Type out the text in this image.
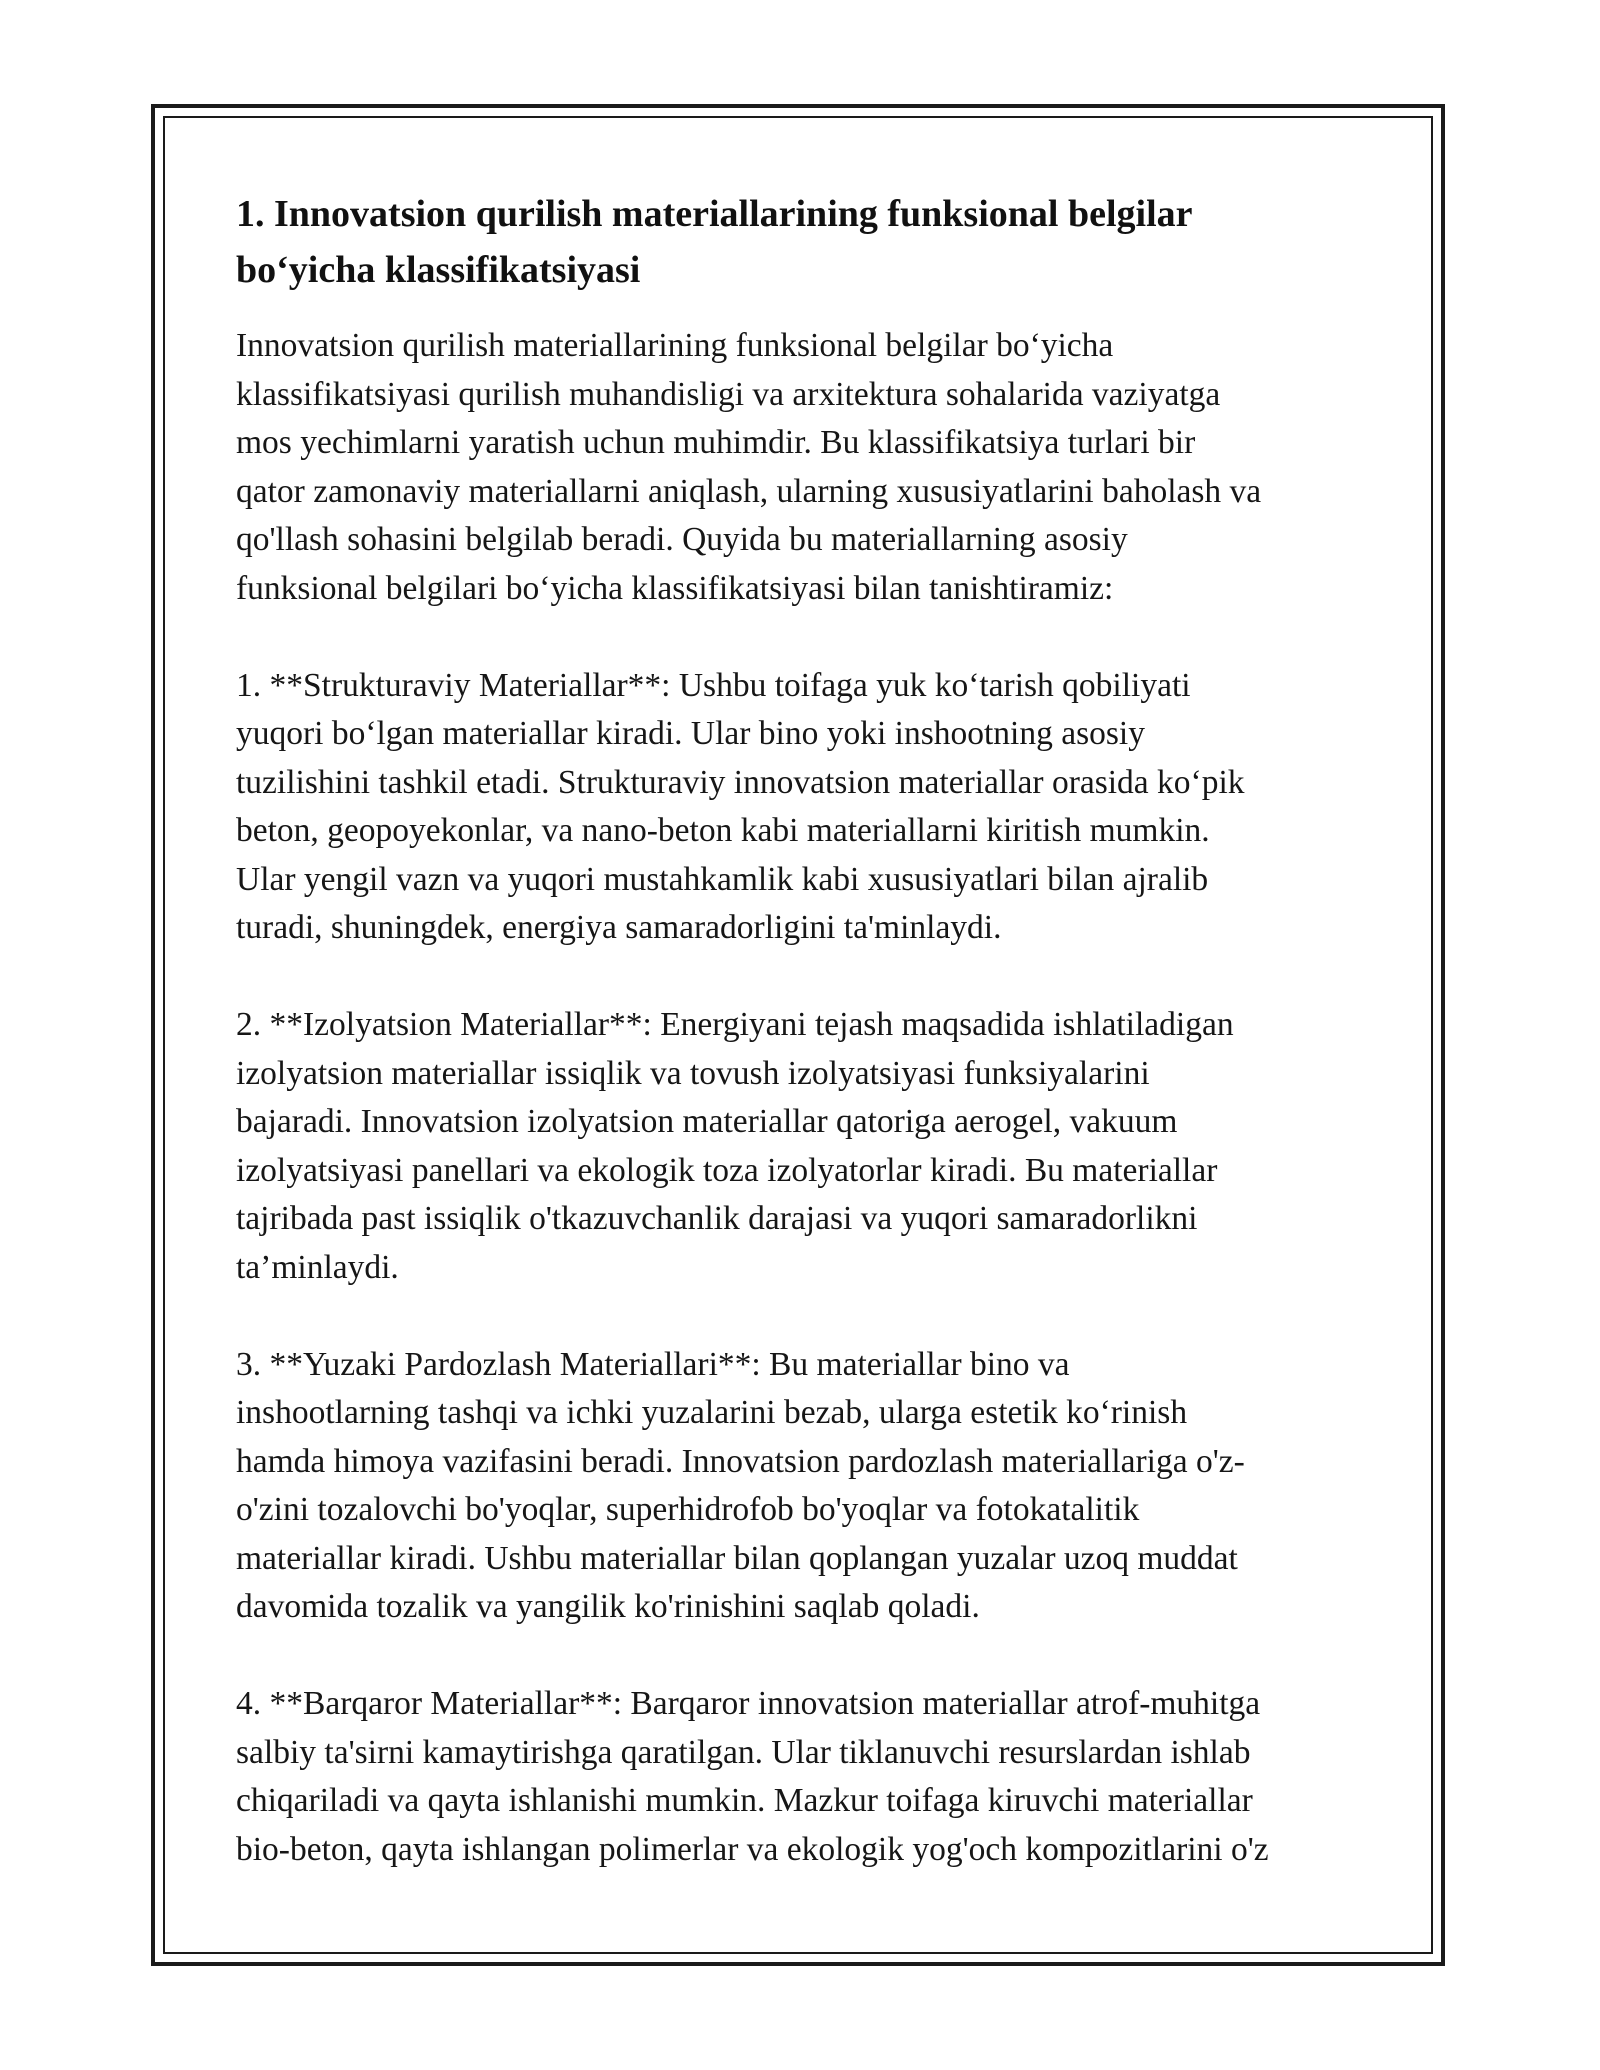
1. Innovatsion qurilish materiallarining funksional belgilar
bo‘yicha klassifikatsiyasi
Innovatsion qurilish materiallarining funksional belgilar bo‘yicha
klassifikatsiyasi qurilish muhandisligi va arxitektura sohalarida vaziyatga
mos yechimlarni yaratish uchun muhimdir. Bu klassifikatsiya turlari bir
qator zamonaviy materiallarni aniqlash, ularning xususiyatlarini baholash va
qo'llash sohasini belgilab beradi. Quyida bu materiallarning asosiy
funksional belgilari bo‘yicha klassifikatsiyasi bilan tanishtiramiz:
1. **Strukturaviy Materiallar**: Ushbu toifaga yuk ko‘tarish qobiliyati
yuqori bo‘lgan materiallar kiradi. Ular bino yoki inshootning asosiy
tuzilishini tashkil etadi. Strukturaviy innovatsion materiallar orasida ko‘pik
beton, geopoyekonlar, va nano-beton kabi materiallarni kiritish mumkin.
Ular yengil vazn va yuqori mustahkamlik kabi xususiyatlari bilan ajralib
turadi, shuningdek, energiya samaradorligini ta'minlaydi.
2. **Izolyatsion Materiallar**: Energiyani tejash maqsadida ishlatiladigan
izolyatsion materiallar issiqlik va tovush izolyatsiyasi funksiyalarini
bajaradi. Innovatsion izolyatsion materiallar qatoriga aerogel, vakuum
izolyatsiyasi panellari va ekologik toza izolyatorlar kiradi. Bu materiallar
tajribada past issiqlik o'tkazuvchanlik darajasi va yuqori samaradorlikni
ta’minlaydi.
3. **Yuzaki Pardozlash Materiallari**: Bu materiallar bino va
inshootlarning tashqi va ichki yuzalarini bezab, ularga estetik ko‘rinish
hamda himoya vazifasini beradi. Innovatsion pardozlash materiallariga o'z-
o'zini tozalovchi bo'yoqlar, superhidrofob bo'yoqlar va fotokatalitik
materiallar kiradi. Ushbu materiallar bilan qoplangan yuzalar uzoq muddat
davomida tozalik va yangilik ko'rinishini saqlab qoladi.
4. **Barqaror Materiallar**: Barqaror innovatsion materiallar atrof-muhitga
salbiy ta'sirni kamaytirishga qaratilgan. Ular tiklanuvchi resurslardan ishlab
chiqariladi va qayta ishlanishi mumkin. Mazkur toifaga kiruvchi materiallar
bio-beton, qayta ishlangan polimerlar va ekologik yog'och kompozitlarini o'z
